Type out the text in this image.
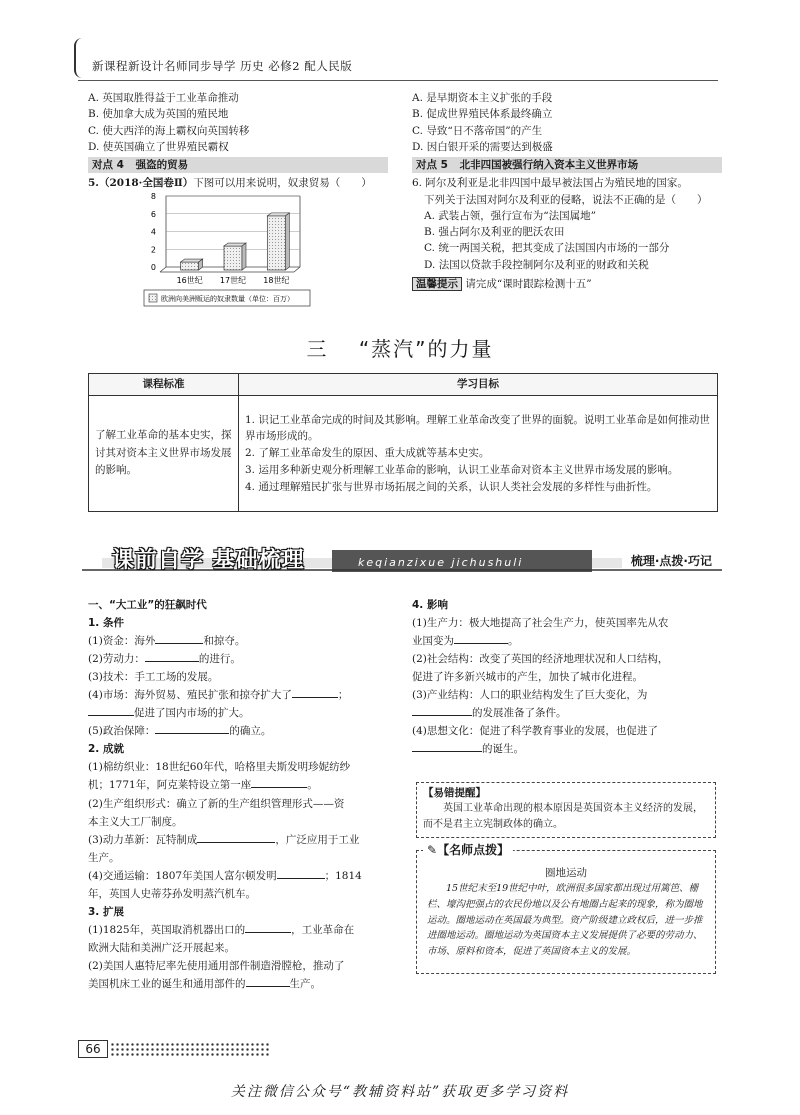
新课程新设计名师同步导学 历史 必修2 配人民版
A. 英国取胜得益于工业革命推动
B. 使加拿大成为英国的殖民地
C. 使大西洋的海上霸权向英国转移
D. 使英国确立了世界殖民霸权
对点 4 强盗的贸易
5.（2018·全国卷Ⅱ）下图可以用来说明，奴隶贸易（　　）
0
2
4
6
8
16世纪 17世纪 18世纪
欧洲向美洲贩运的奴隶数量（单位：百万）
A. 是早期资本主义扩张的手段
B. 促成世界殖民体系最终确立
C. 导致“日不落帝国”的产生
D. 因白银开采的需要达到极盛
对点 5 北非四国被强行纳入资本主义世界市场
6. 阿尔及利亚是北非四国中最早被法国占为殖民地的国家。
下列关于法国对阿尔及利亚的侵略，说法不正确的是（　　）
A. 武装占领，强行宣布为“法国属地”
B. 强占阿尔及利亚的肥沃农田
C. 统一两国关税，把其变成了法国国内市场的一部分
D. 法国以贷款手段控制阿尔及利亚的财政和关税
温馨提示 请完成“课时跟踪检测十五”
三 “蒸汽”的力量
课程标准	学习目标
了解工业革命的基本史实，探讨其对资本主义世界市场发展的影响。	1. 识记工业革命完成的时间及其影响。理解工业革命改变了世界的面貌。说明工业革命是如何推动世界市场形成的。
2. 了解工业革命发生的原因、重大成就等基本史实。
3. 运用多种新史观分析理解工业革命的影响，认识工业革命对资本主义世界市场发展的影响。
4. 通过理解殖民扩张与世界市场拓展之间的关系，认识人类社会发展的多样性与曲折性。
课前自学 基础梳理	keqianzixue jichushuli	梳理·点拨·巧记
一、“大工业”的狂飙时代
1. 条件
(1)资金：海外	和掠夺。
(2)劳动力：	的进行。
(3)技术：手工工场的发展。
(4)市场：海外贸易、殖民扩张和掠夺扩大了	；
促进了国内市场的扩大。
(5)政治保障：	的确立。
2. 成就
(1)棉纺织业：18世纪60年代，哈格里夫斯发明珍妮纺纱
机；1771年，阿克莱特设立第一座	。
(2)生产组织形式：确立了新的生产组织管理形式——资
本主义大工厂制度。
(3)动力革新：瓦特制成	，广泛应用于工业
生产。
(4)交通运输：1807年美国人富尔顿发明	；1814
年，英国人史蒂芬孙发明蒸汽机车。
3. 扩展
(1)1825年，英国取消机器出口的	，工业革命在
欧洲大陆和美洲广泛开展起来。
(2)美国人惠特尼率先使用通用部件制造滑膛枪，推动了
美国机床工业的诞生和通用部件的	生产。
4. 影响
(1)生产力：极大地提高了社会生产力，使英国率先从农
业国变为	。
(2)社会结构：改变了英国的经济地理状况和人口结构，
促进了许多新兴城市的产生，加快了城市化进程。
(3)产业结构：人口的职业结构发生了巨大变化，为
的发展准备了条件。
(4)思想文化：促进了科学教育事业的发展，也促进了
的诞生。
【易错提醒】
英国工业革命出现的根本原因是英国资本主义经济的发展，而不是君主立宪制政体的确立。
✎【名师点拨】
圈地运动
15世纪末至19世纪中叶，欧洲很多国家都出现过用篱笆、栅栏、壕沟把强占的农民份地以及公有地圈占起来的现象，称为圈地运动。圈地运动在英国最为典型。资产阶级建立政权后，进一步推进圈地运动。圈地运动为英国资本主义发展提供了必要的劳动力、市场、原料和资本，促进了英国资本主义的发展。
66
关注微信公众号“教辅资料站”获取更多学习资料
